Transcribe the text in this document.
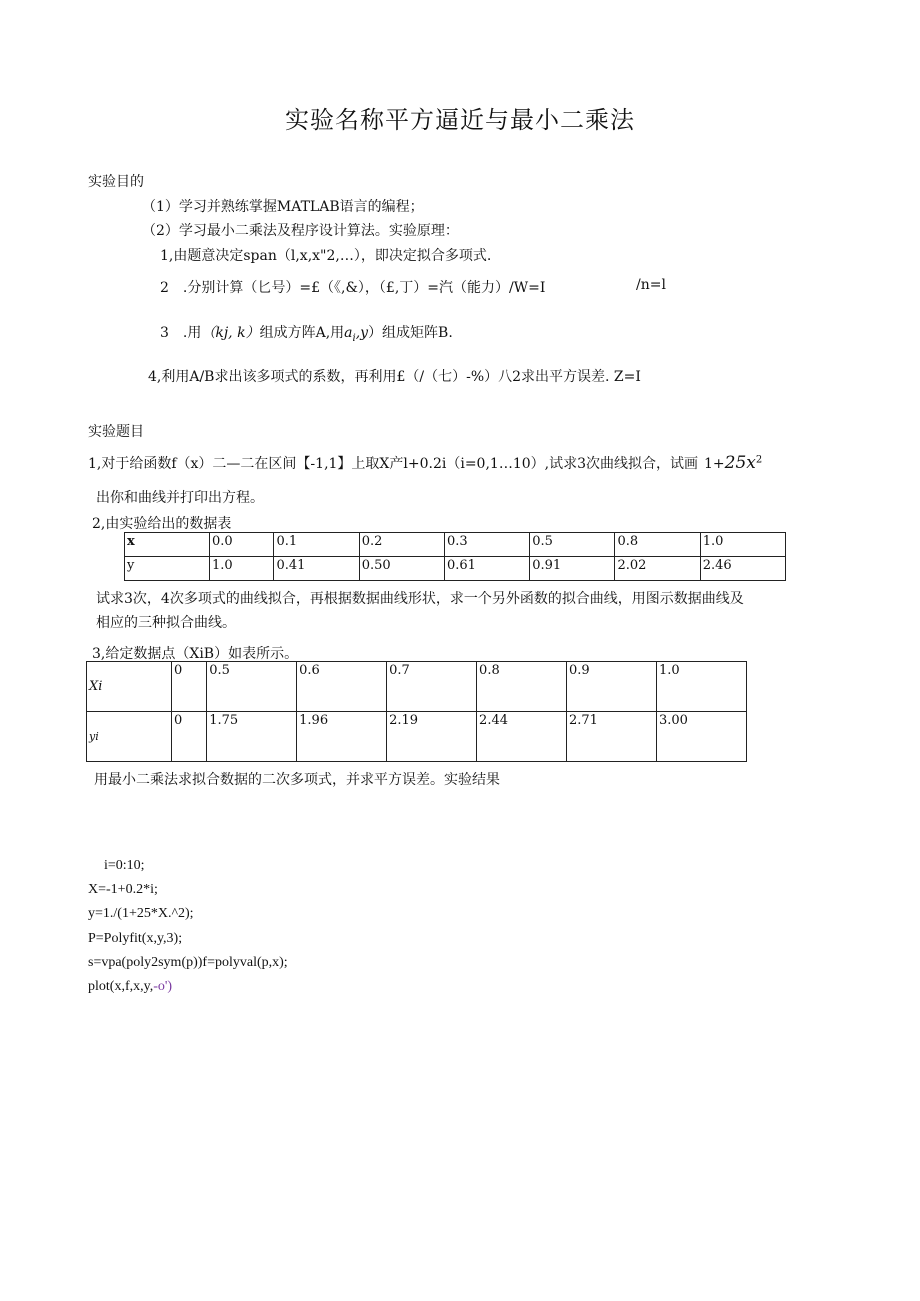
实验名称平方逼近与最小二乘法
实验目的
（1）学习并熟练掌握MATLAB语言的编程；
（2）学习最小二乘法及程序设计算法。实验原理：
1,由题意决定span（l,x,x"2,…），即决定拟合多项式.
2　.分别计算（匕号）=£（《,&），（£,丁）=汽（能力）/W=I	/n=l
3　.用（kj, k）组成方阵A,用$a_i,y$）组成矩阵B.
4,利用A/B求出该多项式的系数，再利用£（/（七）-%）八2求出平方误差. Z=I
实验题目
1,对于给函数f（x）二—二在区间【-1,1】上取X产l+0.2i（i=0,1…10）,试求3次曲线拟合，试画 $1+25x^2$
出你和曲线并打印出方程。
2,由实验给出的数据表
x	0.0	0.1	0.2	0.3	0.5	0.8	1.0
y	1.0	0.41	0.50	0.61	0.91	2.02	2.46
试求3次，4次多项式的曲线拟合，再根据数据曲线形状，求一个另外函数的拟合曲线，用图示数据曲线及
相应的三种拟合曲线。
3,给定数据点（XiB）如表所示。
Xi	0	0.5	0.6	0.7	0.8	0.9	1.0
yi	0	1.75	1.96	2.19	2.44	2.71	3.00
用最小二乘法求拟合数据的二次多项式，并求平方误差。实验结果
i=0:10;
X=-1+0.2*i;
y=1./(1+25*X.^2);
P=Polyfit(x,y,3);
s=vpa(poly2sym(p))f=polyval(p,x);
plot(x,f,x,y,-o')
